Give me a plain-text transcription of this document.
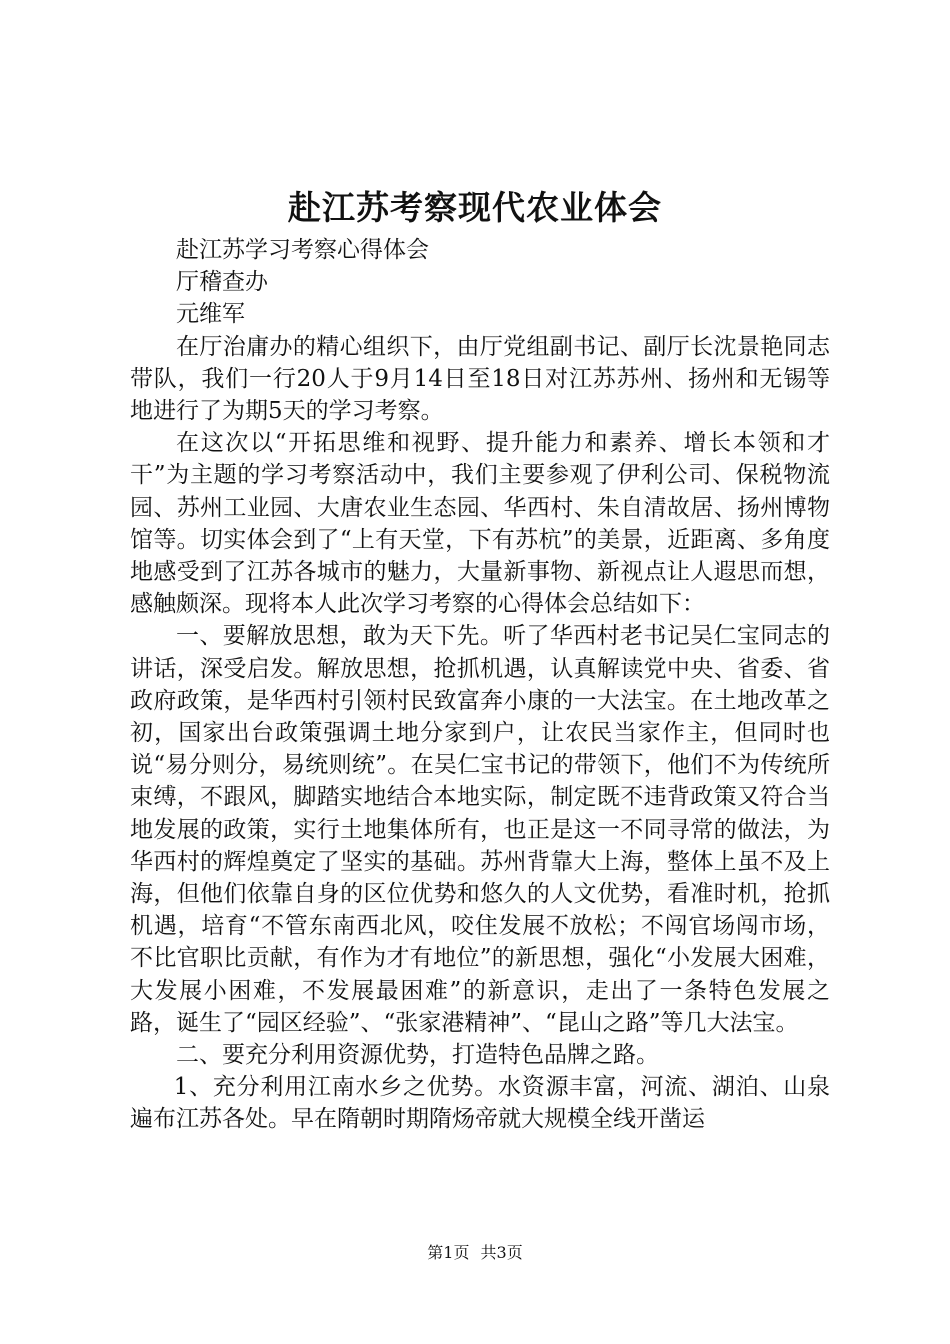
赴江苏考察现代农业体会

赴江苏学习考察心得体会

厅稽查办

元维军

在厅治庸办的精心组织下，由厅党组副书记、副厅长沈景艳同志带队，我们一行20人于9月14日至18日对江苏苏州、扬州和无锡等地进行了为期5天的学习考察。

在这次以“开拓思维和视野、提升能力和素养、增长本领和才干”为主题的学习考察活动中，我们主要参观了伊利公司、保税物流园、苏州工业园、大唐农业生态园、华西村、朱自清故居、扬州博物馆等。切实体会到了“上有天堂，下有苏杭”的美景，近距离、多角度地感受到了江苏各城市的魅力，大量新事物、新视点让人遐思而想，感触颇深。现将本人此次学习考察的心得体会总结如下：

一、要解放思想，敢为天下先。听了华西村老书记吴仁宝同志的讲话，深受启发。解放思想，抢抓机遇，认真解读党中央、省委、省政府政策，是华西村引领村民致富奔小康的一大法宝。在土地改革之初，国家出台政策强调土地分家到户，让农民当家作主，但同时也说“易分则分，易统则统”。在吴仁宝书记的带领下，他们不为传统所束缚，不跟风，脚踏实地结合本地实际，制定既不违背政策又符合当地发展的政策，实行土地集体所有，也正是这一不同寻常的做法，为华西村的辉煌奠定了坚实的基础。苏州背靠大上海，整体上虽不及上海，但他们依靠自身的区位优势和悠久的人文优势，看准时机，抢抓机遇，培育“不管东南西北风，咬住发展不放松；不闯官场闯市场，不比官职比贡献，有作为才有地位”的新思想，强化“小发展大困难，大发展小困难，不发展最困难”的新意识，走出了一条特色发展之路，诞生了“园区经验”、“张家港精神”、“昆山之路”等几大法宝。

二、要充分利用资源优势，打造特色品牌之路。

1、充分利用江南水乡之优势。水资源丰富，河流、湖泊、山泉遍布江苏各处。早在隋朝时期隋炀帝就大规模全线开凿运

第1页 共3页
